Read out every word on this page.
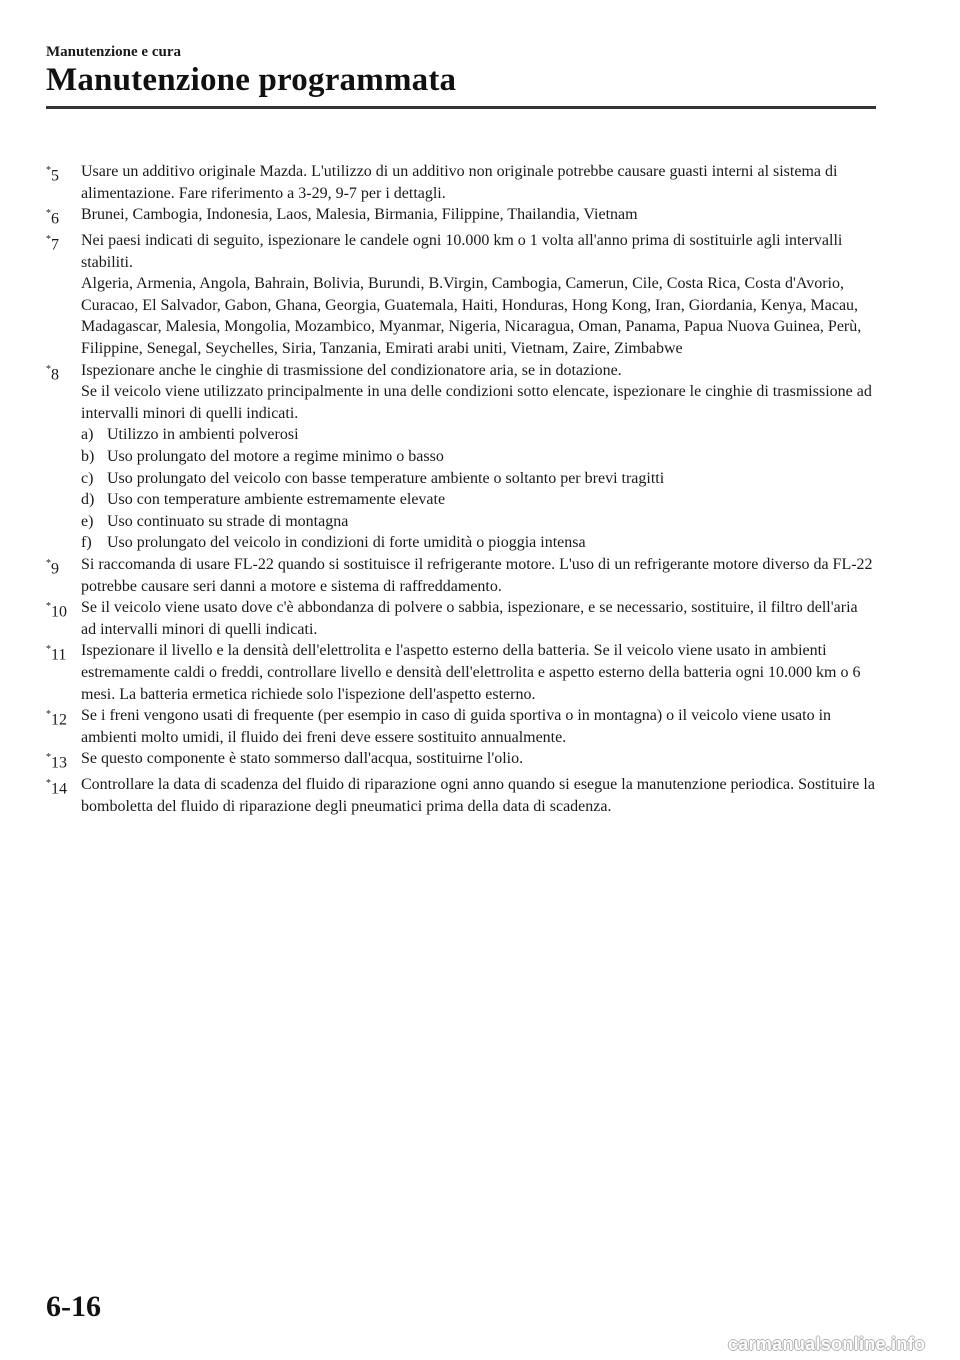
Manutenzione e cura
Manutenzione programmata
*5	Usare un additivo originale Mazda. L'utilizzo di un additivo non originale potrebbe causare guasti interni al sistema di alimentazione. Fare riferimento a 3-29, 9-7 per i dettagli.
*6	Brunei, Cambogia, Indonesia, Laos, Malesia, Birmania, Filippine, Thailandia, Vietnam
*7	Nei paesi indicati di seguito, ispezionare le candele ogni 10.000 km o 1 volta all'anno prima di sostituirle agli intervalli stabiliti.
Algeria, Armenia, Angola, Bahrain, Bolivia, Burundi, B.Virgin, Cambogia, Camerun, Cile, Costa Rica, Costa d'Avorio, Curacao, El Salvador, Gabon, Ghana, Georgia, Guatemala, Haiti, Honduras, Hong Kong, Iran, Giordania, Kenya, Macau, Madagascar, Malesia, Mongolia, Mozambico, Myanmar, Nigeria, Nicaragua, Oman, Panama, Papua Nuova Guinea, Perù, Filippine, Senegal, Seychelles, Siria, Tanzania, Emirati arabi uniti, Vietnam, Zaire, Zimbabwe
*8	Ispezionare anche le cinghie di trasmissione del condizionatore aria, se in dotazione.
Se il veicolo viene utilizzato principalmente in una delle condizioni sotto elencate, ispezionare le cinghie di trasmissione ad intervalli minori di quelli indicati.
a) Utilizzo in ambienti polverosi
b) Uso prolungato del motore a regime minimo o basso
c) Uso prolungato del veicolo con basse temperature ambiente o soltanto per brevi tragitti
d) Uso con temperature ambiente estremamente elevate
e) Uso continuato su strade di montagna
f) Uso prolungato del veicolo in condizioni di forte umidità o pioggia intensa
*9	Si raccomanda di usare FL-22 quando si sostituisce il refrigerante motore. L'uso di un refrigerante motore diverso da FL-22 potrebbe causare seri danni a motore e sistema di raffreddamento.
*10 Se il veicolo viene usato dove c'è abbondanza di polvere o sabbia, ispezionare, e se necessario, sostituire, il filtro dell'aria ad intervalli minori di quelli indicati.
*11 Ispezionare il livello e la densità dell'elettrolita e l'aspetto esterno della batteria. Se il veicolo viene usato in ambienti estremamente caldi o freddi, controllare livello e densità dell'elettrolita e aspetto esterno della batteria ogni 10.000 km o 6 mesi. La batteria ermetica richiede solo l'ispezione dell'aspetto esterno.
*12 Se i freni vengono usati di frequente (per esempio in caso di guida sportiva o in montagna) o il veicolo viene usato in ambienti molto umidi, il fluido dei freni deve essere sostituito annualmente.
*13 Se questo componente è stato sommerso dall'acqua, sostituirne l'olio.
*14 Controllare la data di scadenza del fluido di riparazione ogni anno quando si esegue la manutenzione periodica. Sostituire la bomboletta del fluido di riparazione degli pneumatici prima della data di scadenza.
6-16
carmanualsonline.info
